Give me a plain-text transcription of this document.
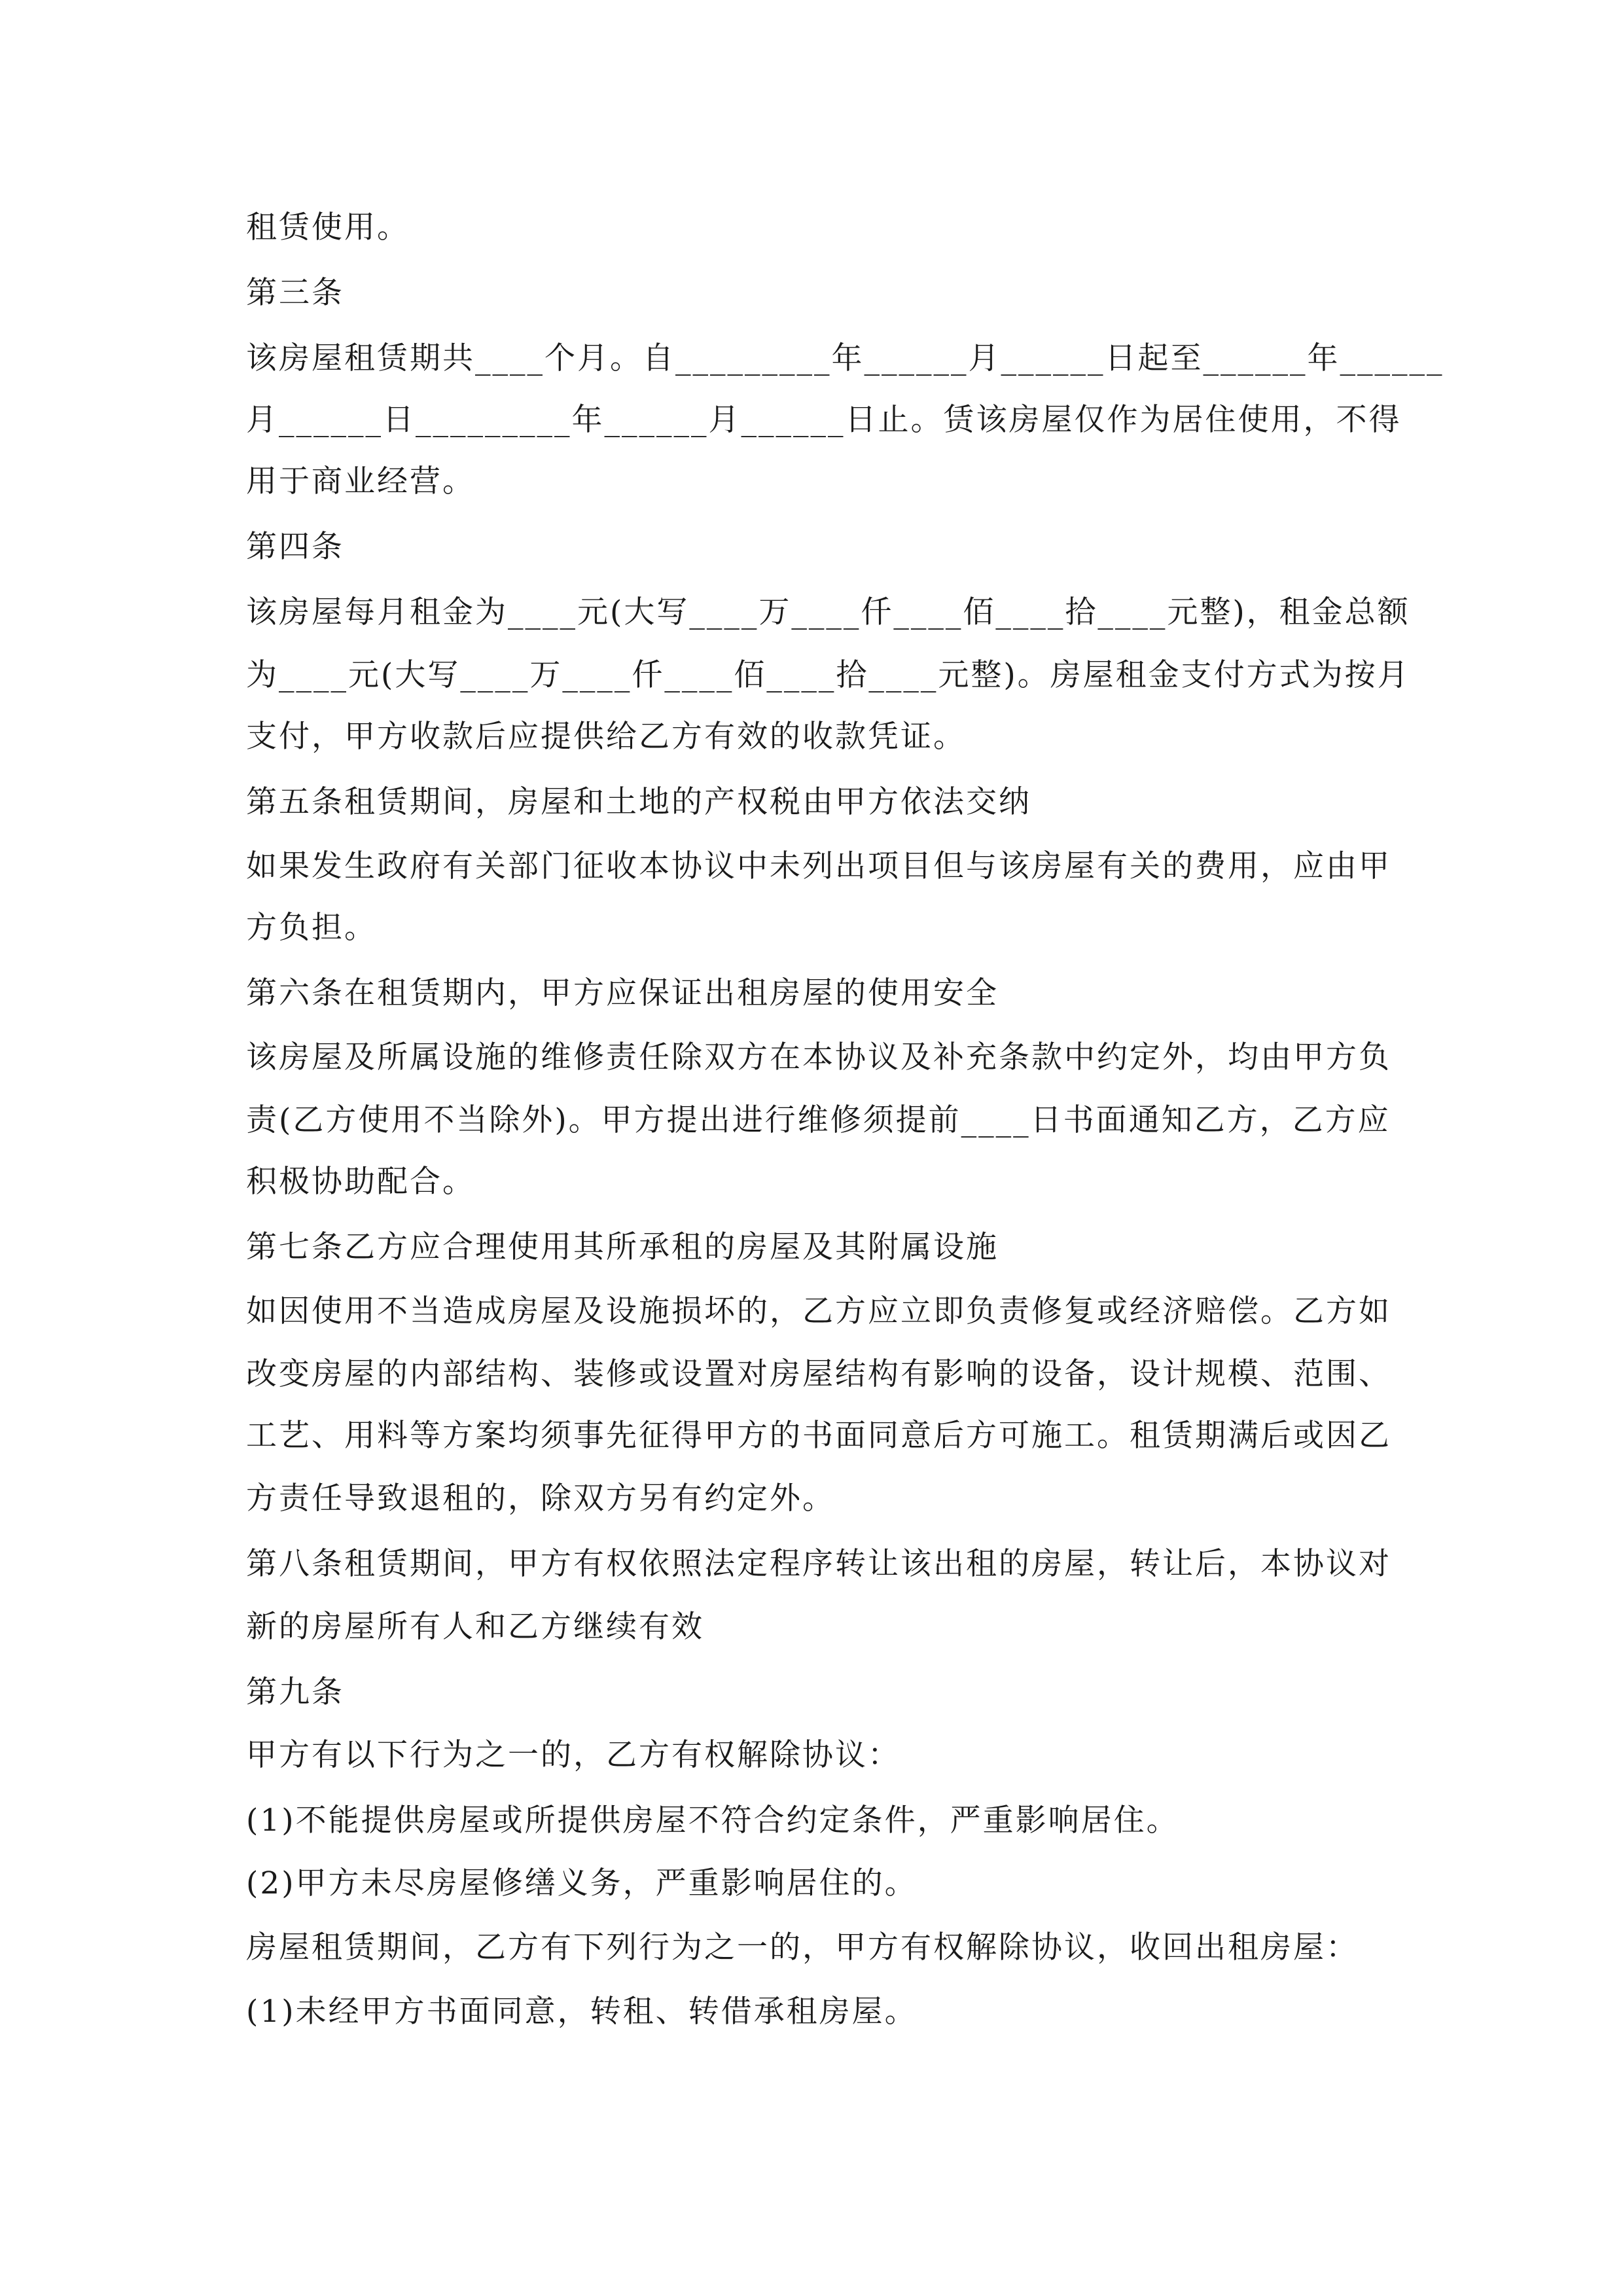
租赁使用。
第三条
该房屋租赁期共____个月。自_________年______月______日起至______年______
月______日_________年______月______日止。赁该房屋仅作为居住使用，不得
用于商业经营。
第四条
该房屋每月租金为____元(大写____万____仟____佰____拾____元整)，租金总额
为____元(大写____万____仟____佰____拾____元整)。房屋租金支付方式为按月
支付，甲方收款后应提供给乙方有效的收款凭证。
第五条租赁期间，房屋和土地的产权税由甲方依法交纳
如果发生政府有关部门征收本协议中未列出项目但与该房屋有关的费用，应由甲
方负担。
第六条在租赁期内，甲方应保证出租房屋的使用安全
该房屋及所属设施的维修责任除双方在本协议及补充条款中约定外，均由甲方负
责(乙方使用不当除外)。甲方提出进行维修须提前____日书面通知乙方，乙方应
积极协助配合。
第七条乙方应合理使用其所承租的房屋及其附属设施
如因使用不当造成房屋及设施损坏的，乙方应立即负责修复或经济赔偿。乙方如
改变房屋的内部结构、装修或设置对房屋结构有影响的设备，设计规模、范围、
工艺、用料等方案均须事先征得甲方的书面同意后方可施工。租赁期满后或因乙
方责任导致退租的，除双方另有约定外。
第八条租赁期间，甲方有权依照法定程序转让该出租的房屋，转让后，本协议对
新的房屋所有人和乙方继续有效
第九条
甲方有以下行为之一的，乙方有权解除协议：
(1)不能提供房屋或所提供房屋不符合约定条件，严重影响居住。
(2)甲方未尽房屋修缮义务，严重影响居住的。
房屋租赁期间，乙方有下列行为之一的，甲方有权解除协议，收回出租房屋：
(1)未经甲方书面同意，转租、转借承租房屋。
